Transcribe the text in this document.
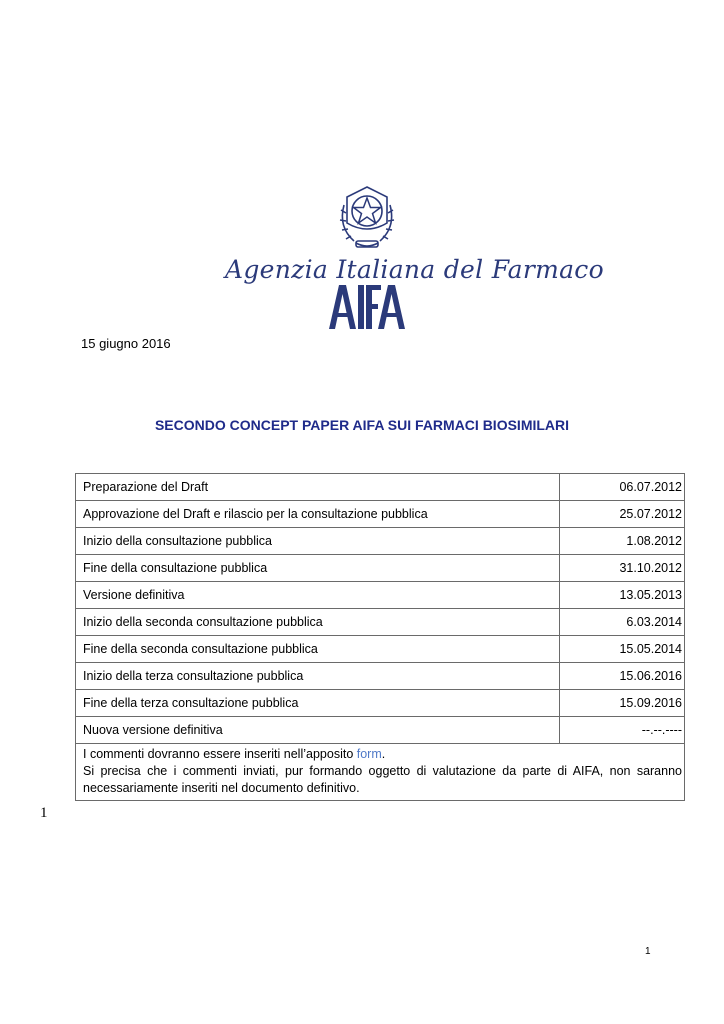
Agenzia Italiana del Farmaco
15 giugno 2016
SECONDO CONCEPT PAPER AIFA SUI FARMACI BIOSIMILARI
Preparazione del Draft	06.07.2012
Approvazione del Draft e rilascio per la consultazione pubblica	25.07.2012
Inizio della consultazione pubblica	1.08.2012
Fine della consultazione pubblica	31.10.2012
Versione definitiva	13.05.2013
Inizio della seconda consultazione pubblica	6.03.2014
Fine della seconda consultazione pubblica	15.05.2014
Inizio della terza consultazione pubblica	15.06.2016
Fine della terza consultazione pubblica	15.09.2016
Nuova versione definitiva	--.--.----
I commenti dovranno essere inseriti nell’apposito form.
Si precisa che i commenti inviati, pur formando oggetto di valutazione da parte di AIFA, non saranno necessariamente inseriti nel documento definitivo.	
1
1
